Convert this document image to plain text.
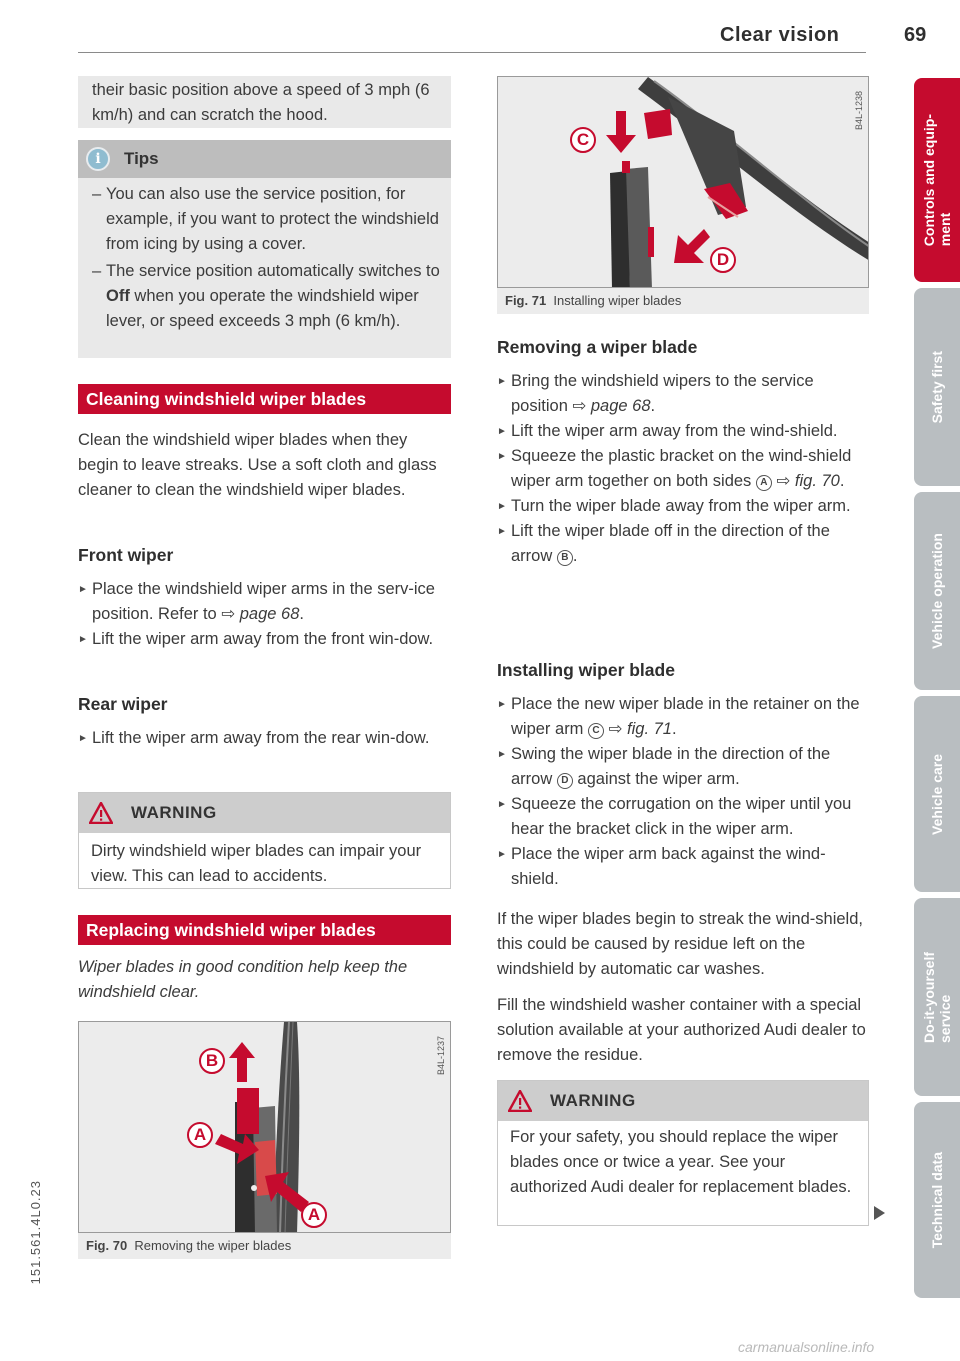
Clear vision	69

their basic position above a speed of 3 mph (6 km/h) and can scratch the hood.

i	Tips
– You can also use the service position, for example, if you want to protect the windshield from icing by using a cover.
– The service position automatically switches to Off when you operate the windshield wiper lever, or speed exceeds 3 mph (6 km/h).
Cleaning windshield wiper blades

Clean the windshield wiper blades when they begin to leave streaks. Use a soft cloth and glass cleaner to clean the windshield wiper blades.

Front wiper
► Place the windshield wiper arms in the serv-ice position. Refer to ⇨ page 68.
► Lift the wiper arm away from the front win-dow.
Rear wiper
► Lift the wiper arm away from the rear win-dow.
WARNING

Dirty windshield wiper blades can impair your view. This can lead to accidents.

Replacing windshield wiper blades

Wiper blades in good condition help keep the windshield clear.

B
A
A
B4L-1237
Fig. 70 Removing the wiper blades
C
D
B4L-1238
Fig. 71 Installing wiper blades
Removing a wiper blade
► Bring the windshield wipers to the service position ⇨ page 68.
► Lift the wiper arm away from the wind-shield.
► Squeeze the plastic bracket on the wind-shield wiper arm together on both sides A ⇨ fig. 70.
► Turn the wiper blade away from the wiper arm.
► Lift the wiper blade off in the direction of the arrow B .
Installing wiper blade
► Place the new wiper blade in the retainer on the wiper arm C ⇨ fig. 71.
► Swing the wiper blade in the direction of the arrow D against the wiper arm.
► Squeeze the corrugation on the wiper until you hear the bracket click in the wiper arm.
► Place the wiper arm back against the wind-shield.

If the wiper blades begin to streak the wind-shield, this could be caused by residue left on the windshield by automatic car washes.

Fill the windshield washer container with a special solution available at your authorized Audi dealer to remove the residue.

WARNING

For your safety, you should replace the wiper blades once or twice a year. See your authorized Audi dealer for replacement blades.

Controls and equip-
ment
Safety first
Vehicle operation
Vehicle care
Do-it-yourself
service
Technical data
151.561.4L0.23
carmanualsonline.info
